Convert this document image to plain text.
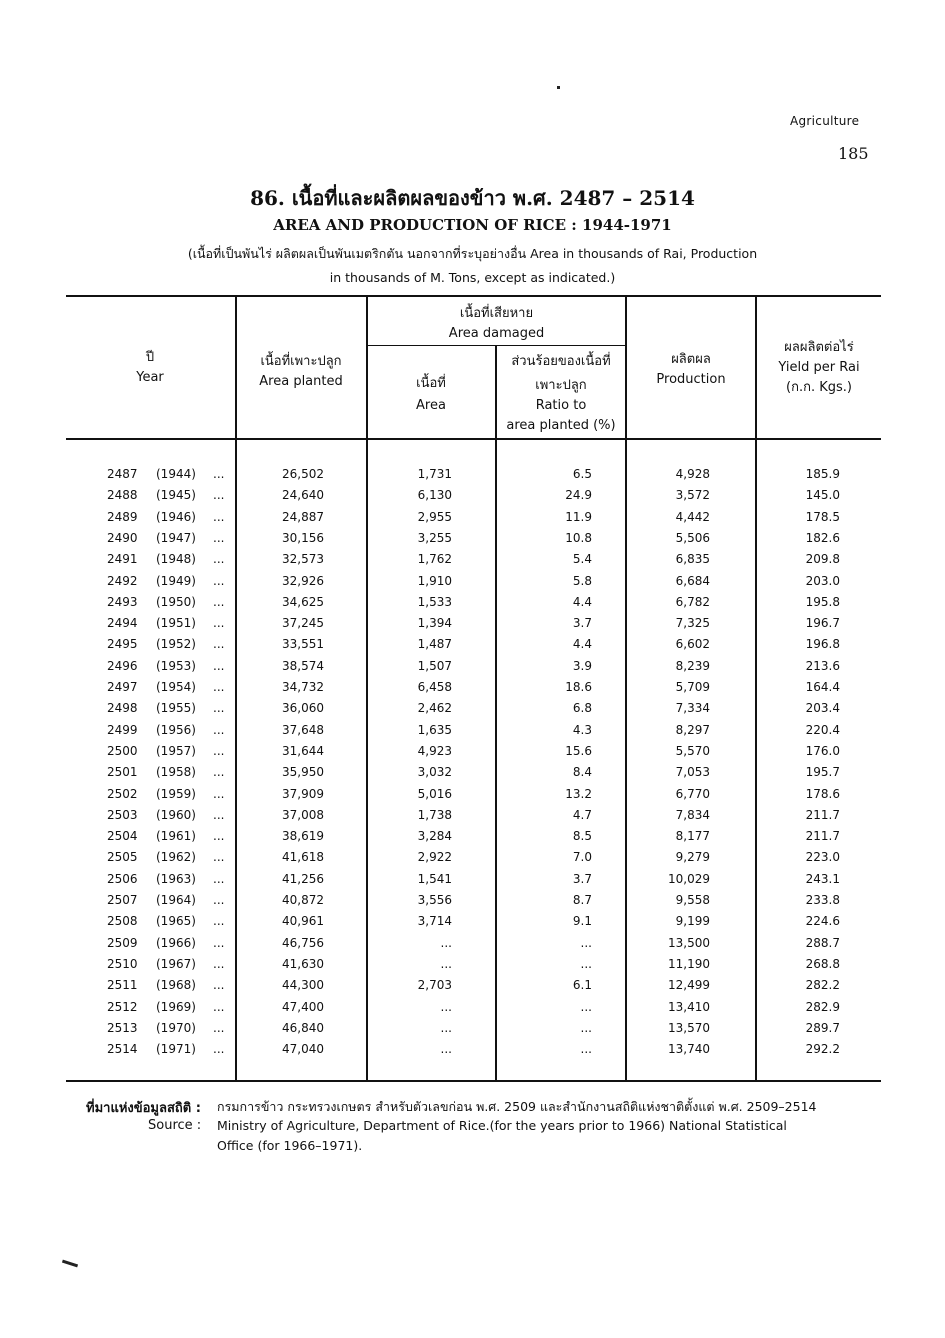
Agriculture
185
86. เนื้อที่และผลิตผลของข้าว พ.ศ. 2487 – 2514
AREA AND PRODUCTION OF RICE : 1944-1971
(เนื้อที่เป็นพันไร่ ผลิตผลเป็นพันเมตริกตัน นอกจากที่ระบุอย่างอื่น Area in thousands of Rai, Production
in thousands of M. Tons, except as indicated.)
ปี
Year
เนื้อที่เพาะปลูก
Area planted
เนื้อที่เสียหาย
Area damaged
เนื้อที่
Area
ส่วนร้อยของเนื้อที่
เพาะปลูก
Ratio to
area planted (%)
ผลิตผล
Production
ผลผลิตต่อไร่
Yield per Rai
(ก.ก. Kgs.)
2487	(1944)	...	26,502	1,731	6.5	4,928	185.9
2488	(1945)	...	24,640	6,130	24.9	3,572	145.0
2489	(1946)	...	24,887	2,955	11.9	4,442	178.5
2490	(1947)	...	30,156	3,255	10.8	5,506	182.6
2491	(1948)	...	32,573	1,762	5.4	6,835	209.8
2492	(1949)	...	32,926	1,910	5.8	6,684	203.0
2493	(1950)	...	34,625	1,533	4.4	6,782	195.8
2494	(1951)	...	37,245	1,394	3.7	7,325	196.7
2495	(1952)	...	33,551	1,487	4.4	6,602	196.8
2496	(1953)	...	38,574	1,507	3.9	8,239	213.6
2497	(1954)	...	34,732	6,458	18.6	5,709	164.4
2498	(1955)	...	36,060	2,462	6.8	7,334	203.4
2499	(1956)	...	37,648	1,635	4.3	8,297	220.4
2500	(1957)	...	31,644	4,923	15.6	5,570	176.0
2501	(1958)	...	35,950	3,032	8.4	7,053	195.7
2502	(1959)	...	37,909	5,016	13.2	6,770	178.6
2503	(1960)	...	37,008	1,738	4.7	7,834	211.7
2504	(1961)	...	38,619	3,284	8.5	8,177	211.7
2505	(1962)	...	41,618	2,922	7.0	9,279	223.0
2506	(1963)	...	41,256	1,541	3.7	10,029	243.1
2507	(1964)	...	40,872	3,556	8.7	9,558	233.8
2508	(1965)	...	40,961	3,714	9.1	9,199	224.6
2509	(1966)	...	46,756	...	...	13,500	288.7
2510	(1967)	...	41,630	...	...	11,190	268.8
2511	(1968)	...	44,300	2,703	6.1	12,499	282.2
2512	(1969)	...	47,400	...	...	13,410	282.9
2513	(1970)	...	46,840	...	...	13,570	289.7
2514	(1971)	...	47,040	...	...	13,740	292.2
ที่มาแห่งข้อมูลสถิติ : กรมการข้าว กระทรวงเกษตร สำหรับตัวเลขก่อน พ.ศ. 2509 และสำนักงานสถิติแห่งชาติตั้งแต่ พ.ศ. 2509–2514
Source : Ministry of Agriculture, Department of Rice.(for the years prior to 1966) National Statistical
Office (for 1966–1971).
